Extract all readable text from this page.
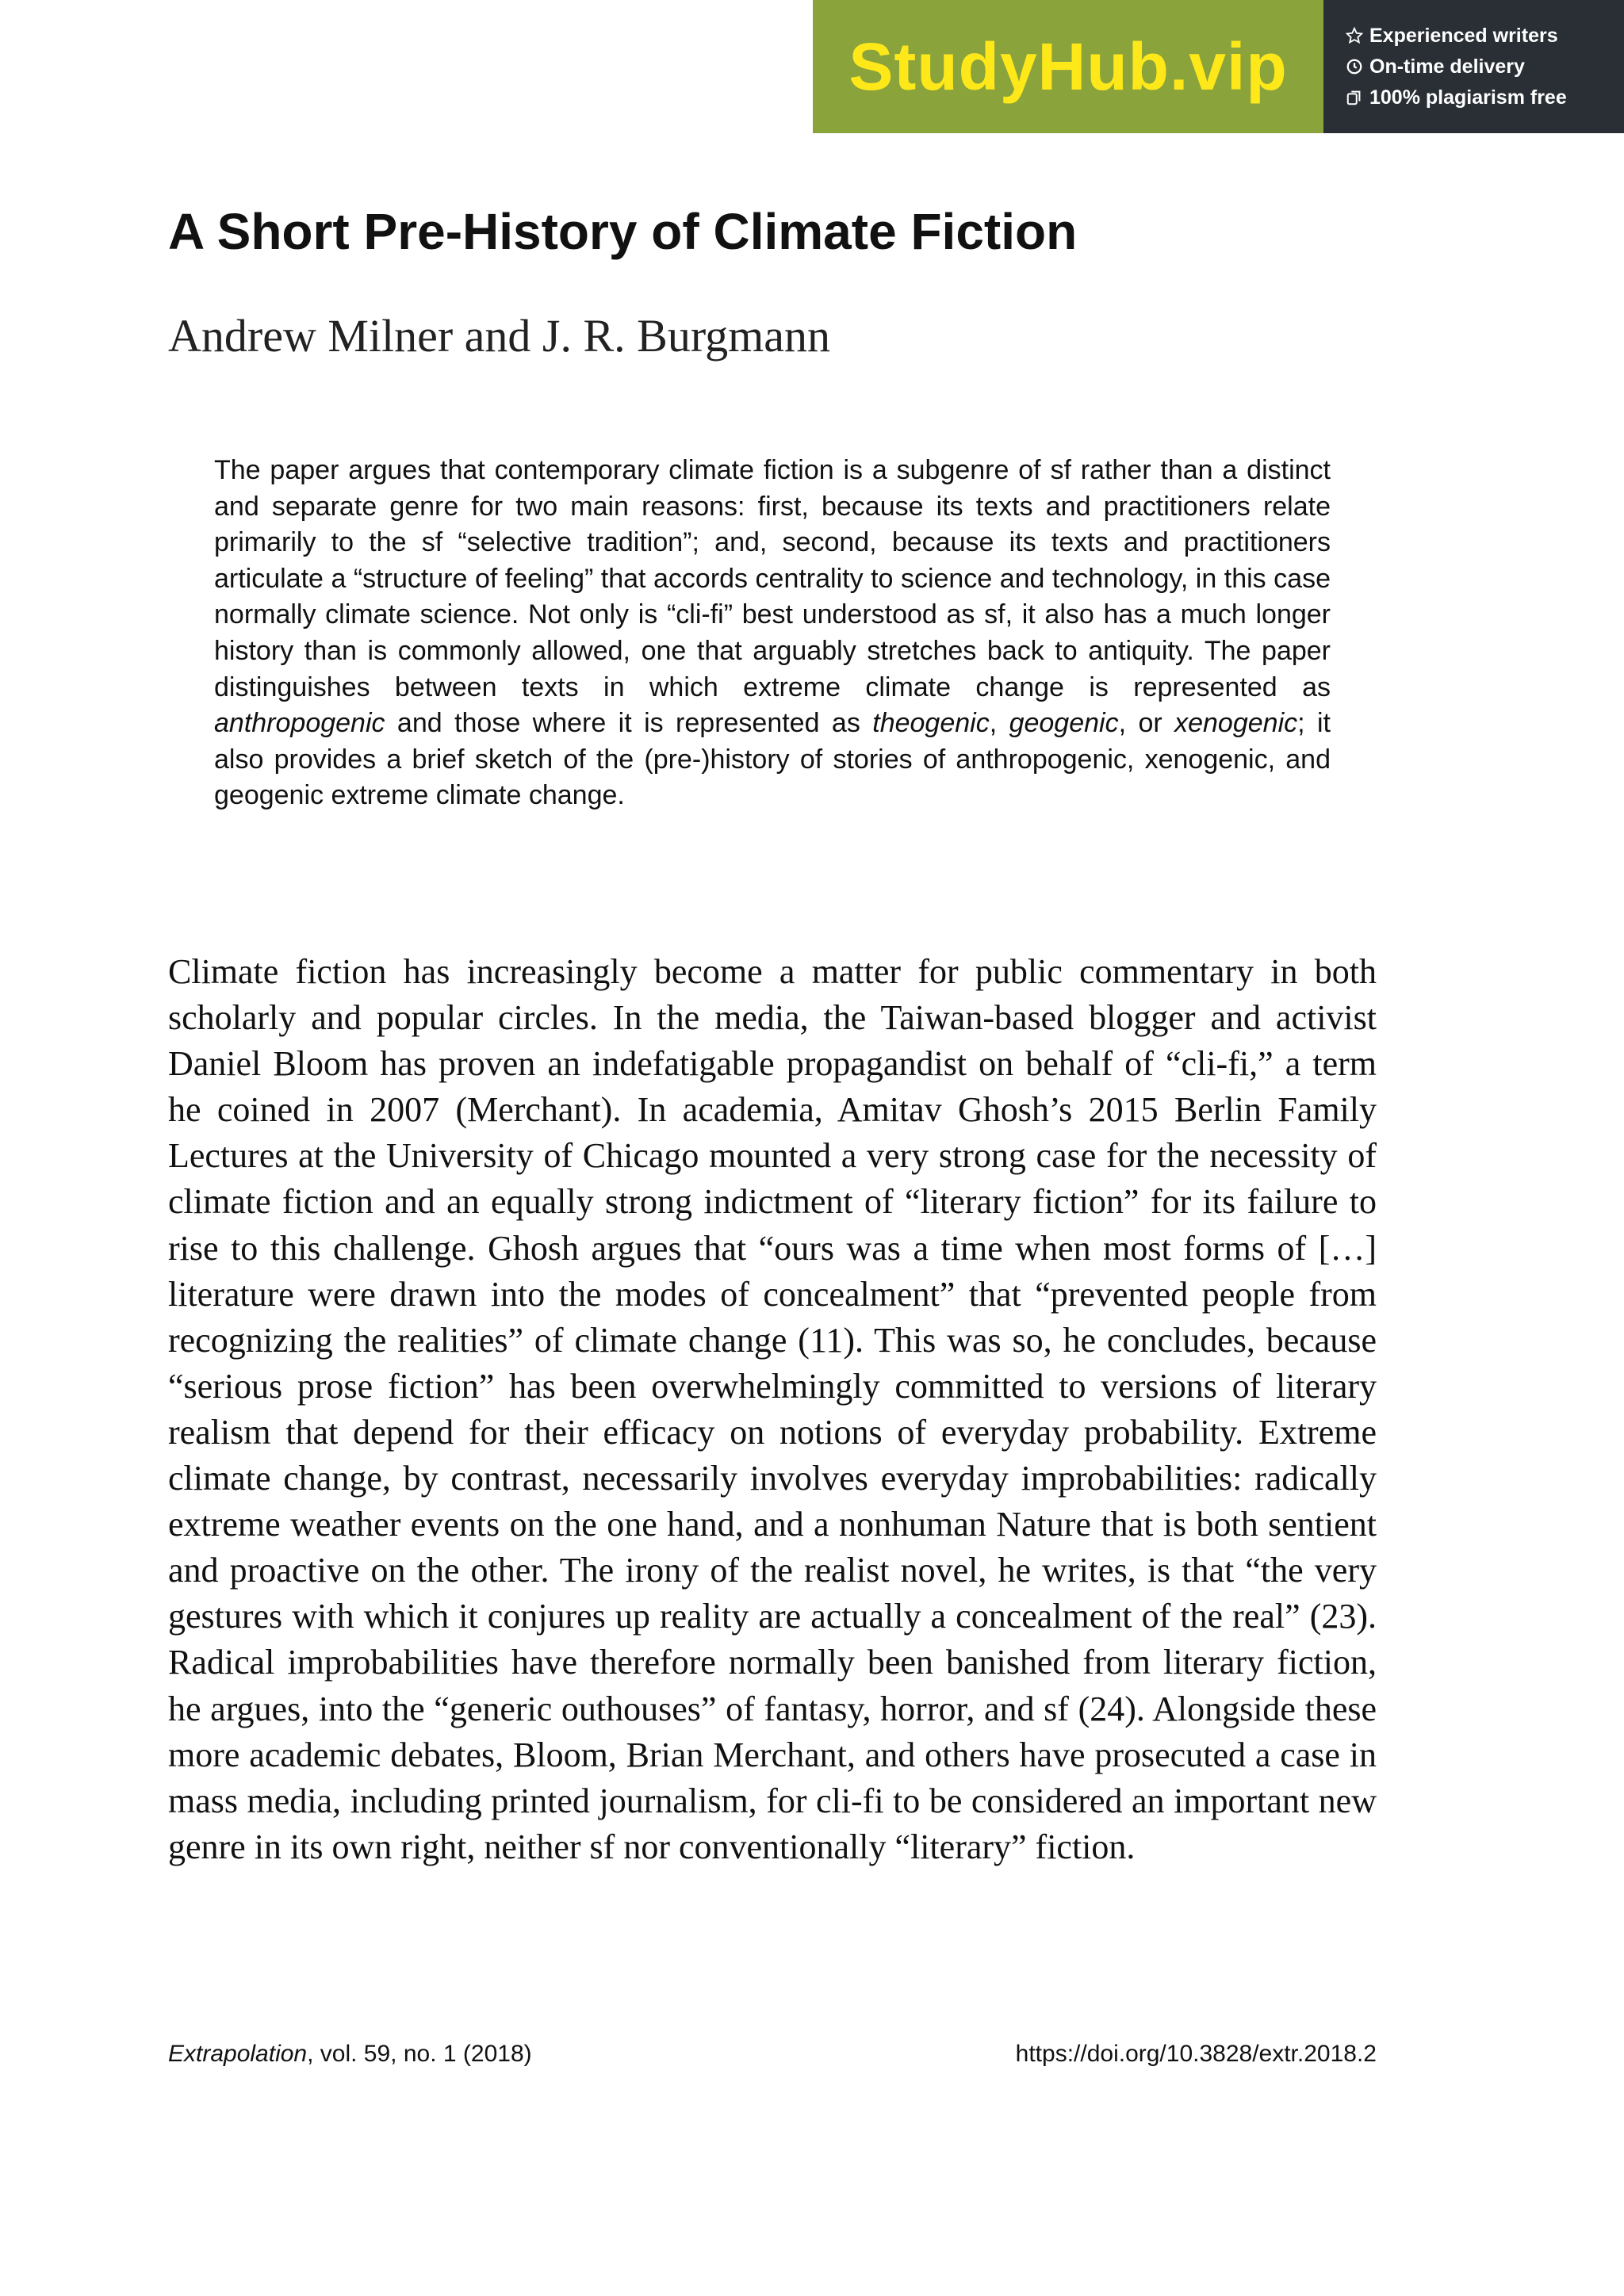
StudyHub.vip	Experienced writers
On-time delivery
100% plagiarism free
A Short Pre-History of Climate Fiction

Andrew Milner and J. R. Burgmann

The paper argues that contemporary climate fiction is a subgenre of sf rather than a distinct and separate genre for two main reasons: first, because its texts and practitioners relate primarily to the sf “selective tradition”; and, second, because its texts and practitioners articulate a “structure of feeling” that accords centrality to science and technology, in this case normally climate science. Not only is “cli-fi” best understood as sf, it also has a much longer history than is commonly allowed, one that arguably stretches back to antiquity. The paper distinguishes between texts in which extreme climate change is represented as anthropogenic and those where it is represented as theogenic, geogenic, or xenogenic; it also provides a brief sketch of the (pre-)history of stories of anthropogenic, xenogenic, and geogenic extreme climate change.

Climate fiction has increasingly become a matter for public commentary in both scholarly and popular circles. In the media, the Taiwan-based blogger and activist Daniel Bloom has proven an indefatigable propagandist on behalf of “cli-fi,” a term he coined in 2007 (Merchant). In academia, Amitav Ghosh’s 2015 Berlin Family Lectures at the University of Chicago mounted a very strong case for the necessity of climate fiction and an equally strong indictment of “literary fiction” for its failure to rise to this challenge. Ghosh argues that “ours was a time when most forms of […] literature were drawn into the modes of concealment” that “prevented people from recognizing the realities” of climate change (11). This was so, he concludes, because “serious prose fiction” has been overwhelmingly committed to versions of literary realism that depend for their efficacy on notions of everyday probability. Extreme climate change, by contrast, necessarily involves everyday improbabilities: radically extreme weather events on the one hand, and a nonhuman Nature that is both sentient and proactive on the other. The irony of the realist novel, he writes, is that “the very gestures with which it conjures up reality are actually a concealment of the real” (23). Radical improbabilities have therefore normally been banished from literary fiction, he argues, into the “generic outhouses” of fantasy, horror, and sf (24). Alongside these more academic debates, Bloom, Brian Merchant, and others have prosecuted a case in mass media, including printed journalism, for cli-fi to be considered an important new genre in its own right, neither sf nor conventionally “literary” fiction.

Extrapolation, vol. 59, no. 1 (2018)	https://doi.org/10.3828/extr.2018.2
